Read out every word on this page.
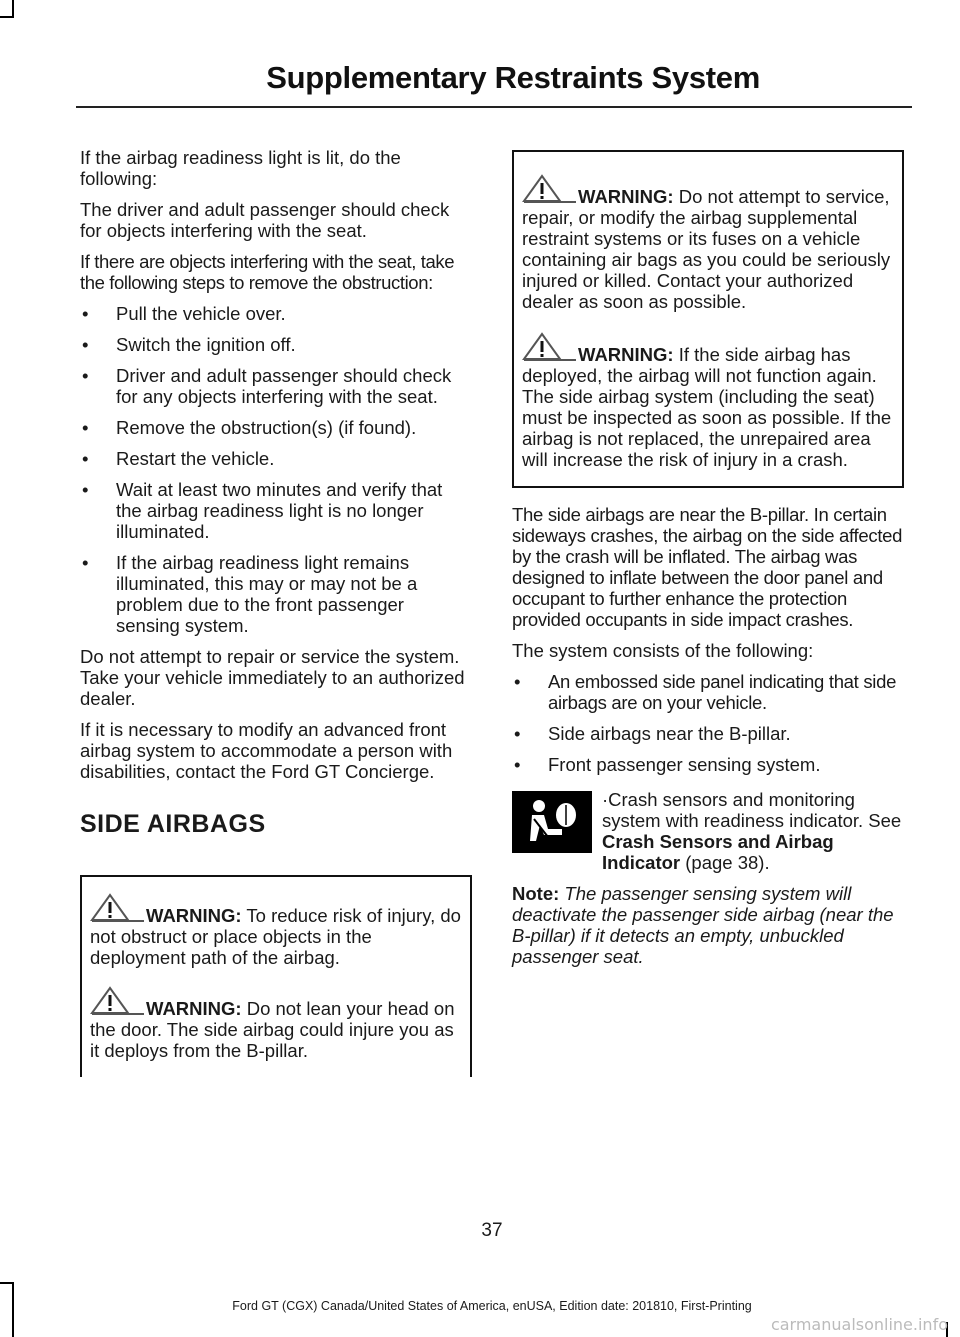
Supplementary Restraints System

If the airbag readiness light is lit, do the following:

The driver and adult passenger should check for objects interfering with the seat.

If there are objects interfering with the seat, take the following steps to remove the obstruction:

• Pull the vehicle over.
• Switch the ignition off.
• Driver and adult passenger should check for any objects interfering with the seat.
• Remove the obstruction(s) (if found).
• Restart the vehicle.
• Wait at least two minutes and verify that the airbag readiness light is no longer illuminated.
• If the airbag readiness light remains illuminated, this may or may not be a problem due to the front passenger sensing system.

Do not attempt to repair or service the system. Take your vehicle immediately to an authorized dealer.

If it is necessary to modify an advanced front airbag system to accommodate a person with disabilities, contact the Ford GT Concierge.

SIDE AIRBAGS
WARNING: To reduce risk of injury, do not obstruct or place objects in the deployment path of the airbag.
WARNING: Do not lean your head on the door. The side airbag could injure you as it deploys from the B-pillar.
WARNING: Do not attempt to service, repair, or modify the airbag supplemental restraint systems or its fuses on a vehicle containing air bags as you could be seriously injured or killed. Contact your authorized dealer as soon as possible.
WARNING: If the side airbag has deployed, the airbag will not function again. The side airbag system (including the seat) must be inspected as soon as possible. If the airbag is not replaced, the unrepaired area will increase the risk of injury in a crash.

The side airbags are near the B-pillar. In certain sideways crashes, the airbag on the side affected by the crash will be inflated. The airbag was designed to inflate between the door panel and occupant to further enhance the protection provided occupants in side impact crashes.

The system consists of the following:

• An embossed side panel indicating that side airbags are on your vehicle.
• Side airbags near the B-pillar.
• Front passenger sensing system.

·Crash sensors and monitoring system with readiness indicator. See Crash Sensors and Airbag Indicator (page 38).

Note: The passenger sensing system will deactivate the passenger side airbag (near the B-pillar) if it detects an empty, unbuckled passenger seat.

37
Ford GT (CGX) Canada/United States of America, enUSA, Edition date: 201810, First-Printing
carmanualsonline.info
